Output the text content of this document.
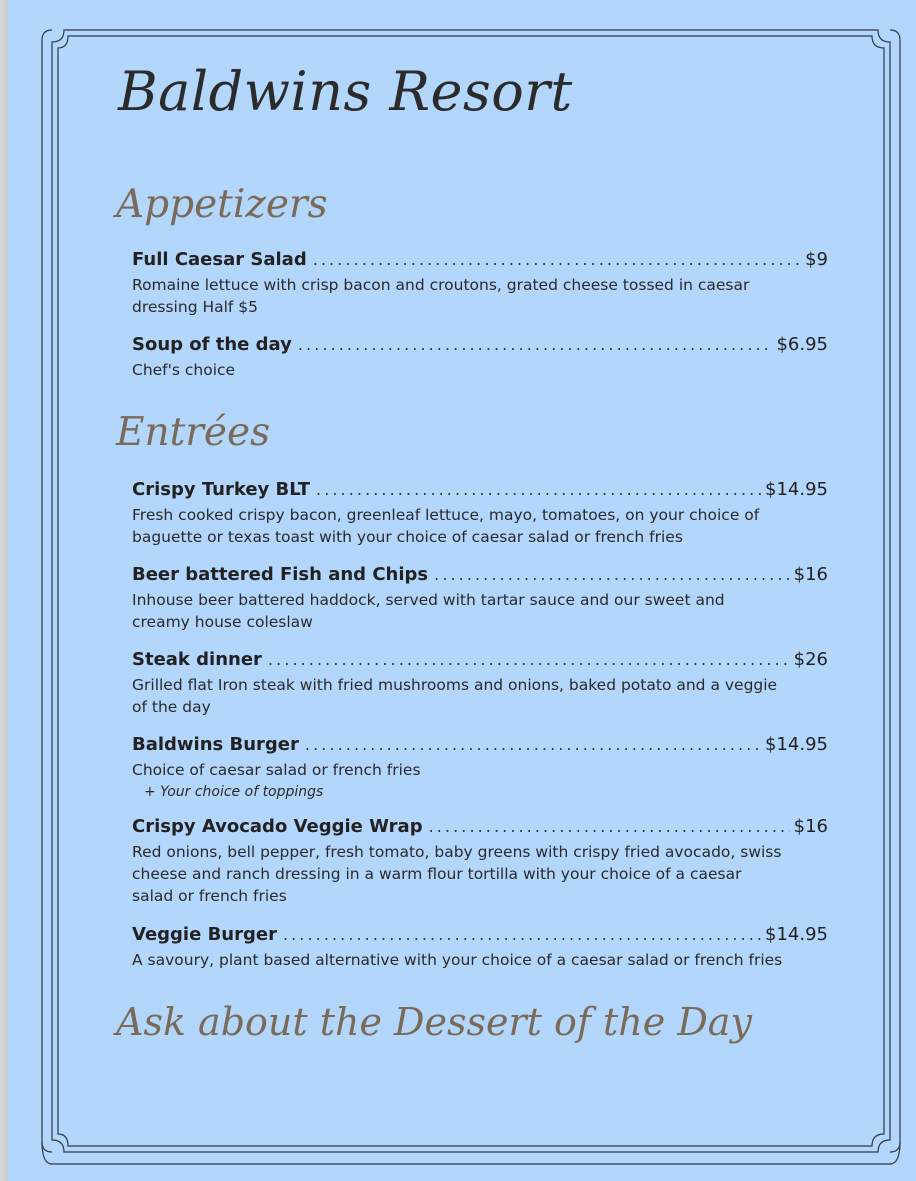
Baldwins Resort
Appetizers
Full Caesar Salad . . .	$9
Romaine lettuce with crisp bacon and croutons, grated cheese tossed in caesar dressing Half $5
Soup of the day . . .	$6.95
Chef's choice
Entrées
Crispy Turkey BLT . . .	$14.95
Fresh cooked crispy bacon, greenleaf lettuce, mayo, tomatoes, on your choice of baguette or texas toast with your choice of caesar salad or french fries
Beer battered Fish and Chips . . .	$16
Inhouse beer battered haddock, served with tartar sauce and our sweet and creamy house coleslaw
Steak dinner . . .	$26
Grilled flat Iron steak with fried mushrooms and onions, baked potato and a veggie of the day
Baldwins Burger . . .	$14.95
Choice of caesar salad or french fries
+ Your choice of toppings
Crispy Avocado Veggie Wrap . . .	$16
Red onions, bell pepper, fresh tomato, baby greens with crispy fried avocado, swiss cheese and ranch dressing in a warm flour tortilla with your choice of a caesar salad or french fries
Veggie Burger . . .	$14.95
A savoury, plant based alternative with your choice of a caesar salad or french fries
Ask about the Dessert of the Day
